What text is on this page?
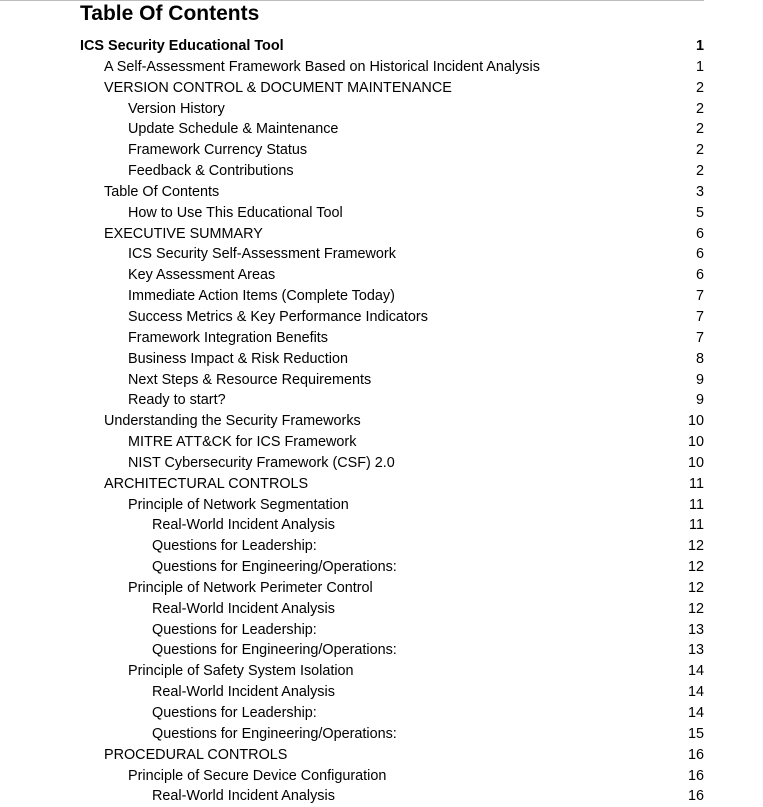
Table Of Contents
ICS Security Educational Tool	1
A Self-Assessment Framework Based on Historical Incident Analysis	1
VERSION CONTROL & DOCUMENT MAINTENANCE	2
Version History	2
Update Schedule & Maintenance	2
Framework Currency Status	2
Feedback & Contributions	2
Table Of Contents	3
How to Use This Educational Tool	5
EXECUTIVE SUMMARY	6
ICS Security Self-Assessment Framework	6
Key Assessment Areas	6
Immediate Action Items (Complete Today)	7
Success Metrics & Key Performance Indicators	7
Framework Integration Benefits	7
Business Impact & Risk Reduction	8
Next Steps & Resource Requirements	9
Ready to start?	9
Understanding the Security Frameworks	10
MITRE ATT&CK for ICS Framework	10
NIST Cybersecurity Framework (CSF) 2.0	10
ARCHITECTURAL CONTROLS	11
Principle of Network Segmentation	11
Real-World Incident Analysis	11
Questions for Leadership:	12
Questions for Engineering/Operations:	12
Principle of Network Perimeter Control	12
Real-World Incident Analysis	12
Questions for Leadership:	13
Questions for Engineering/Operations:	13
Principle of Safety System Isolation	14
Real-World Incident Analysis	14
Questions for Leadership:	14
Questions for Engineering/Operations:	15
PROCEDURAL CONTROLS	16
Principle of Secure Device Configuration	16
Real-World Incident Analysis	16
